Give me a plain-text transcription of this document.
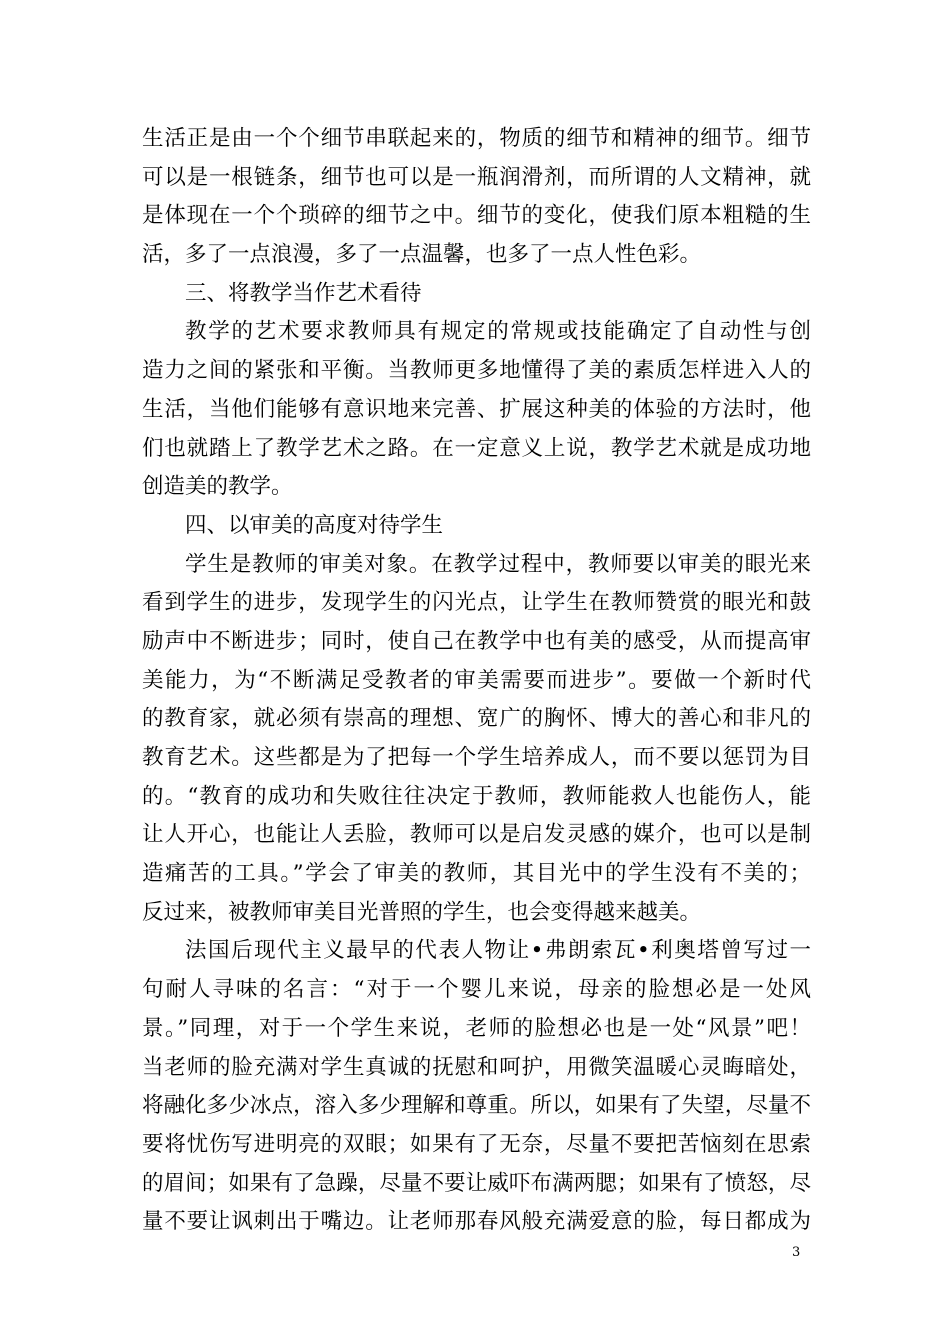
生活正是由一个个细节串联起来的，物质的细节和精神的细节。细节
可以是一根链条，细节也可以是一瓶润滑剂，而所谓的人文精神，就
是体现在一个个琐碎的细节之中。细节的变化，使我们原本粗糙的生
活，多了一点浪漫，多了一点温馨，也多了一点人性色彩。
三、将教学当作艺术看待
教学的艺术要求教师具有规定的常规或技能确定了自动性与创
造力之间的紧张和平衡。当教师更多地懂得了美的素质怎样进入人的
生活，当他们能够有意识地来完善、扩展这种美的体验的方法时，他
们也就踏上了教学艺术之路。在一定意义上说，教学艺术就是成功地
创造美的教学。
四、以审美的高度对待学生
学生是教师的审美对象。在教学过程中，教师要以审美的眼光来
看到学生的进步，发现学生的闪光点，让学生在教师赞赏的眼光和鼓
励声中不断进步；同时，使自己在教学中也有美的感受，从而提高审
美能力，为“不断满足受教者的审美需要而进步”。要做一个新时代
的教育家，就必须有崇高的理想、宽广的胸怀、博大的善心和非凡的
教育艺术。这些都是为了把每一个学生培养成人，而不要以惩罚为目
的。“教育的成功和失败往往决定于教师，教师能救人也能伤人，能
让人开心，也能让人丢脸，教师可以是启发灵感的媒介，也可以是制
造痛苦的工具。”学会了审美的教师，其目光中的学生没有不美的；
反过来，被教师审美目光普照的学生，也会变得越来越美。
法国后现代主义最早的代表人物让•弗朗索瓦•利奥塔曾写过一
句耐人寻味的名言：“对于一个婴儿来说，母亲的脸想必是一处风
景。”同理，对于一个学生来说，老师的脸想必也是一处“风景”吧！
当老师的脸充满对学生真诚的抚慰和呵护，用微笑温暖心灵晦暗处，
将融化多少冰点，溶入多少理解和尊重。所以，如果有了失望，尽量不
要将忧伤写进明亮的双眼；如果有了无奈，尽量不要把苦恼刻在思索
的眉间；如果有了急躁，尽量不要让威吓布满两腮；如果有了愤怒，尽
量不要让讽刺出于嘴边。让老师那春风般充满爱意的脸，每日都成为
3
